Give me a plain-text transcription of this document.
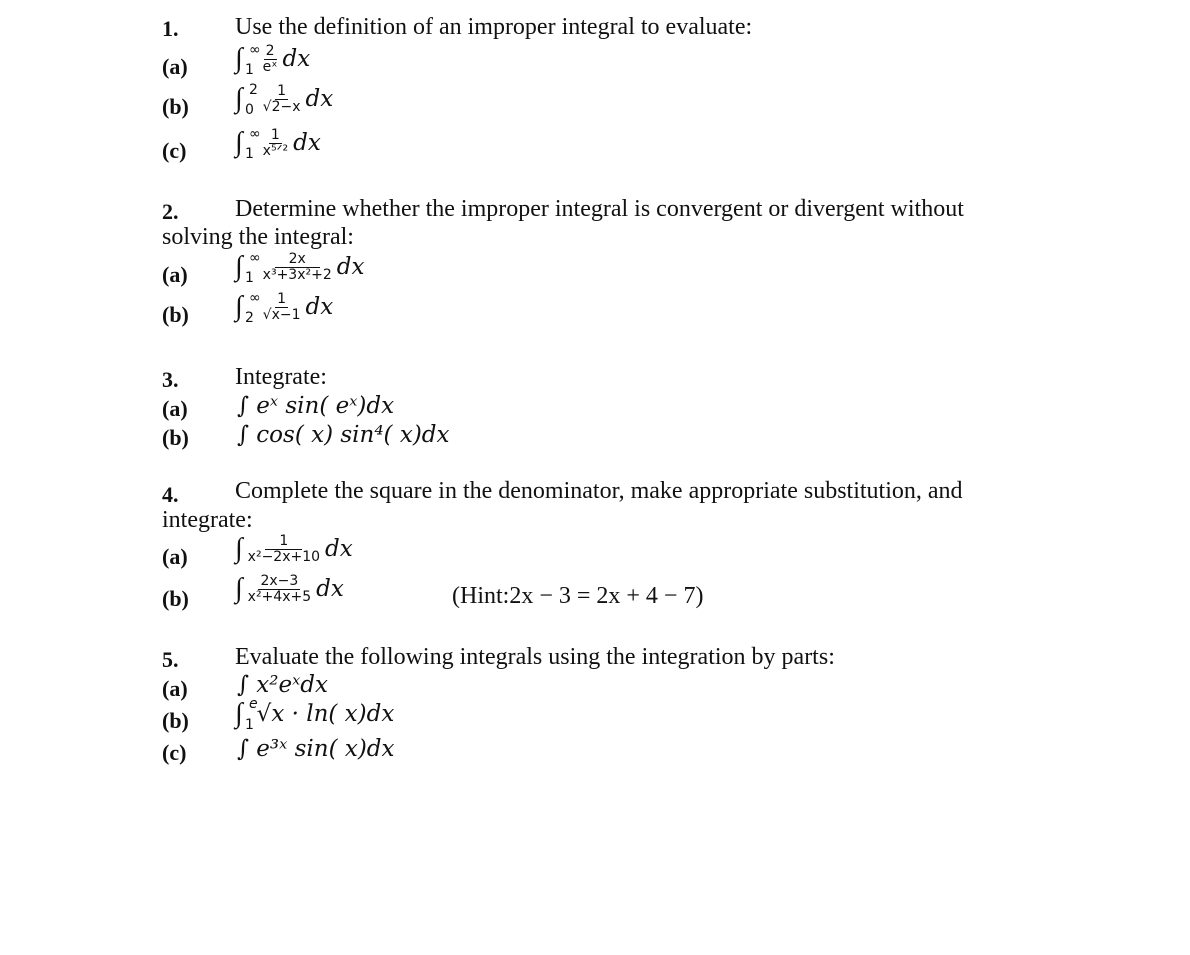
1. Use the definition of an improper integral to evaluate:
(a) ∫ ∞
$1 \frac{2}{\text{eˣ}}$ dx
(b) ∫ 2
$0 \frac{1}{√2-x}$ dx
(c) ∫ ∞
$1 \frac{1}{\text{x⁵ᐟ²}}$ dx
2. Determine whether the improper integral is convergent or divergent without
solving the integral:
(a) ∫ ∞
$1 \frac{2x}{\text{x³+3x²+2}}$ dx
(b) ∫ ∞
$2 \frac{1}{√x-1}$ dx
3. Integrate:
(a) ∫ eˣ sin( eˣ)dx
(b) ∫ cos( x) sin⁴( x)dx
4. Complete the square in the denominator, make appropriate substitution, and
integrate:
(a) ∫ $\frac{1}{\text{x²−2x+10}}$ dx
(b) ∫ $\frac{2x-3}{\text{x²+4x+5}}$ dx	(Hint:2x − 3 = 2x + 4 − 7)
5. Evaluate the following integrals using the integration by parts:
(a) ∫ x²eˣdx
(b) ∫ e
1 √x · ln( x)dx
(c) ∫ e³ˣ sin( x)dx
